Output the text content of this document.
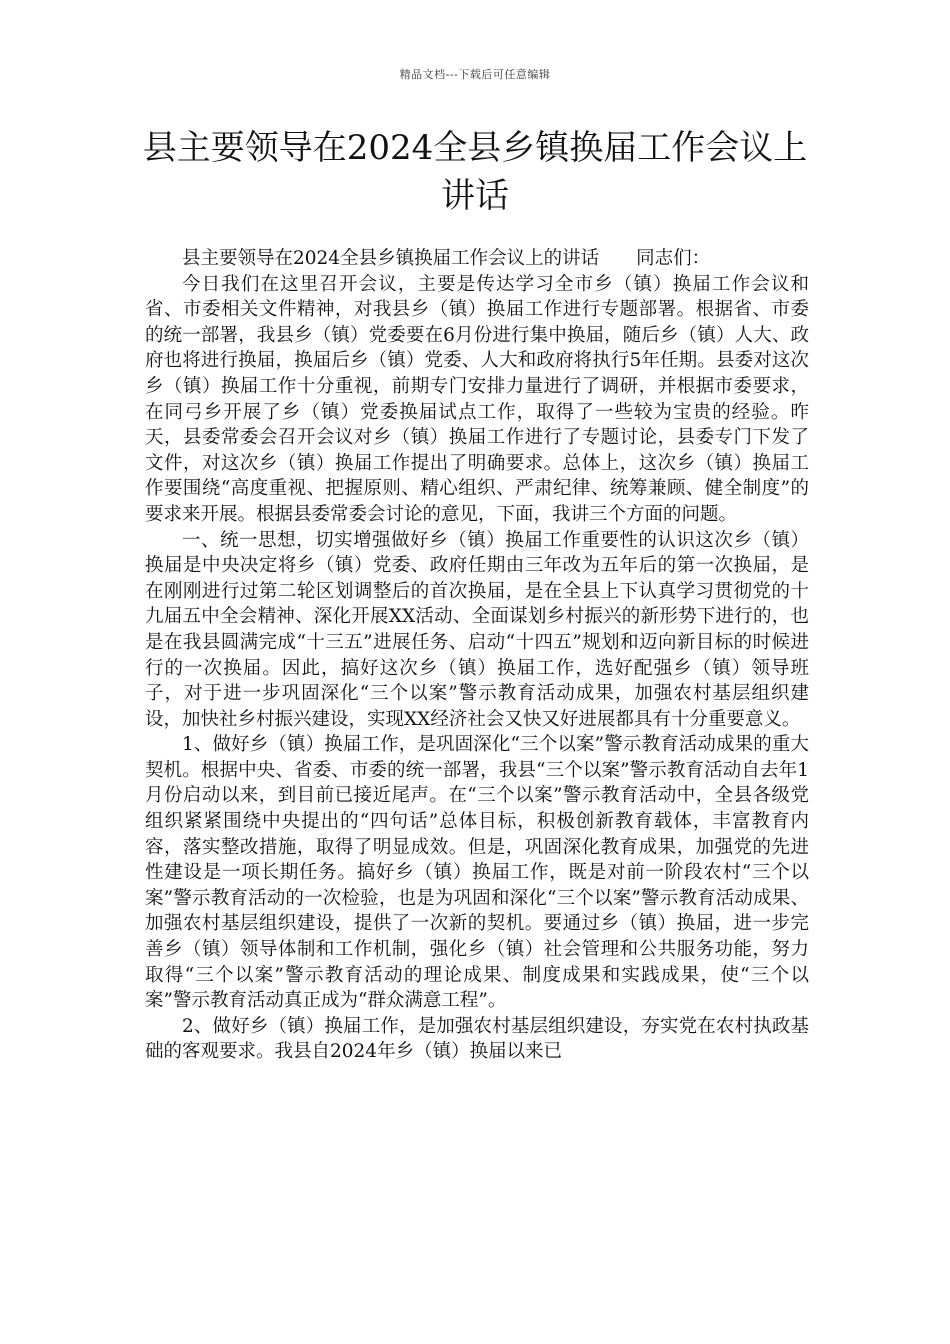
精品文档---下载后可任意编辑
县主要领导在2024全县乡镇换届工作会议上讲话

县主要领导在2024全县乡镇换届工作会议上的讲话　　同志们：

今日我们在这里召开会议，主要是传达学习全市乡（镇）换届工作会议和省、市委相关文件精神，对我县乡（镇）换届工作进行专题部署。根据省、市委的统一部署，我县乡（镇）党委要在6月份进行集中换届，随后乡（镇）人大、政府也将进行换届，换届后乡（镇）党委、人大和政府将执行5年任期。县委对这次乡（镇）换届工作十分重视，前期专门安排力量进行了调研，并根据市委要求，在同弓乡开展了乡（镇）党委换届试点工作，取得了一些较为宝贵的经验。昨天，县委常委会召开会议对乡（镇）换届工作进行了专题讨论，县委专门下发了文件，对这次乡（镇）换届工作提出了明确要求。总体上，这次乡（镇）换届工作要围绕“高度重视、把握原则、精心组织、严肃纪律、统筹兼顾、健全制度”的要求来开展。根据县委常委会讨论的意见，下面，我讲三个方面的问题。

一、统一思想，切实增强做好乡（镇）换届工作重要性的认识这次乡（镇）换届是中央决定将乡（镇）党委、政府任期由三年改为五年后的第一次换届，是在刚刚进行过第二轮区划调整后的首次换届，是在全县上下认真学习贯彻党的十九届五中全会精神、深化开展XX活动、全面谋划乡村振兴的新形势下进行的，也是在我县圆满完成“十三五”进展任务、启动“十四五”规划和迈向新目标的时候进行的一次换届。因此，搞好这次乡（镇）换届工作，选好配强乡（镇）领导班子，对于进一步巩固深化“三个以案”警示教育活动成果，加强农村基层组织建设，加快社乡村振兴建设，实现XX经济社会又快又好进展都具有十分重要意义。

1、做好乡（镇）换届工作，是巩固深化“三个以案”警示教育活动成果的重大契机。根据中央、省委、市委的统一部署，我县“三个以案”警示教育活动自去年1月份启动以来，到目前已接近尾声。在“三个以案”警示教育活动中，全县各级党组织紧紧围绕中央提出的“四句话”总体目标，积极创新教育载体，丰富教育内容，落实整改措施，取得了明显成效。但是，巩固深化教育成果，加强党的先进性建设是一项长期任务。搞好乡（镇）换届工作，既是对前一阶段农村“三个以案”警示教育活动的一次检验，也是为巩固和深化“三个以案”警示教育活动成果、加强农村基层组织建设，提供了一次新的契机。要通过乡（镇）换届，进一步完善乡（镇）领导体制和工作机制，强化乡（镇）社会管理和公共服务功能，努力取得“三个以案”警示教育活动的理论成果、制度成果和实践成果，使“三个以案”警示教育活动真正成为“群众满意工程”。

2、做好乡（镇）换届工作，是加强农村基层组织建设，夯实党在农村执政基础的客观要求。我县自2024年乡（镇）换届以来已
